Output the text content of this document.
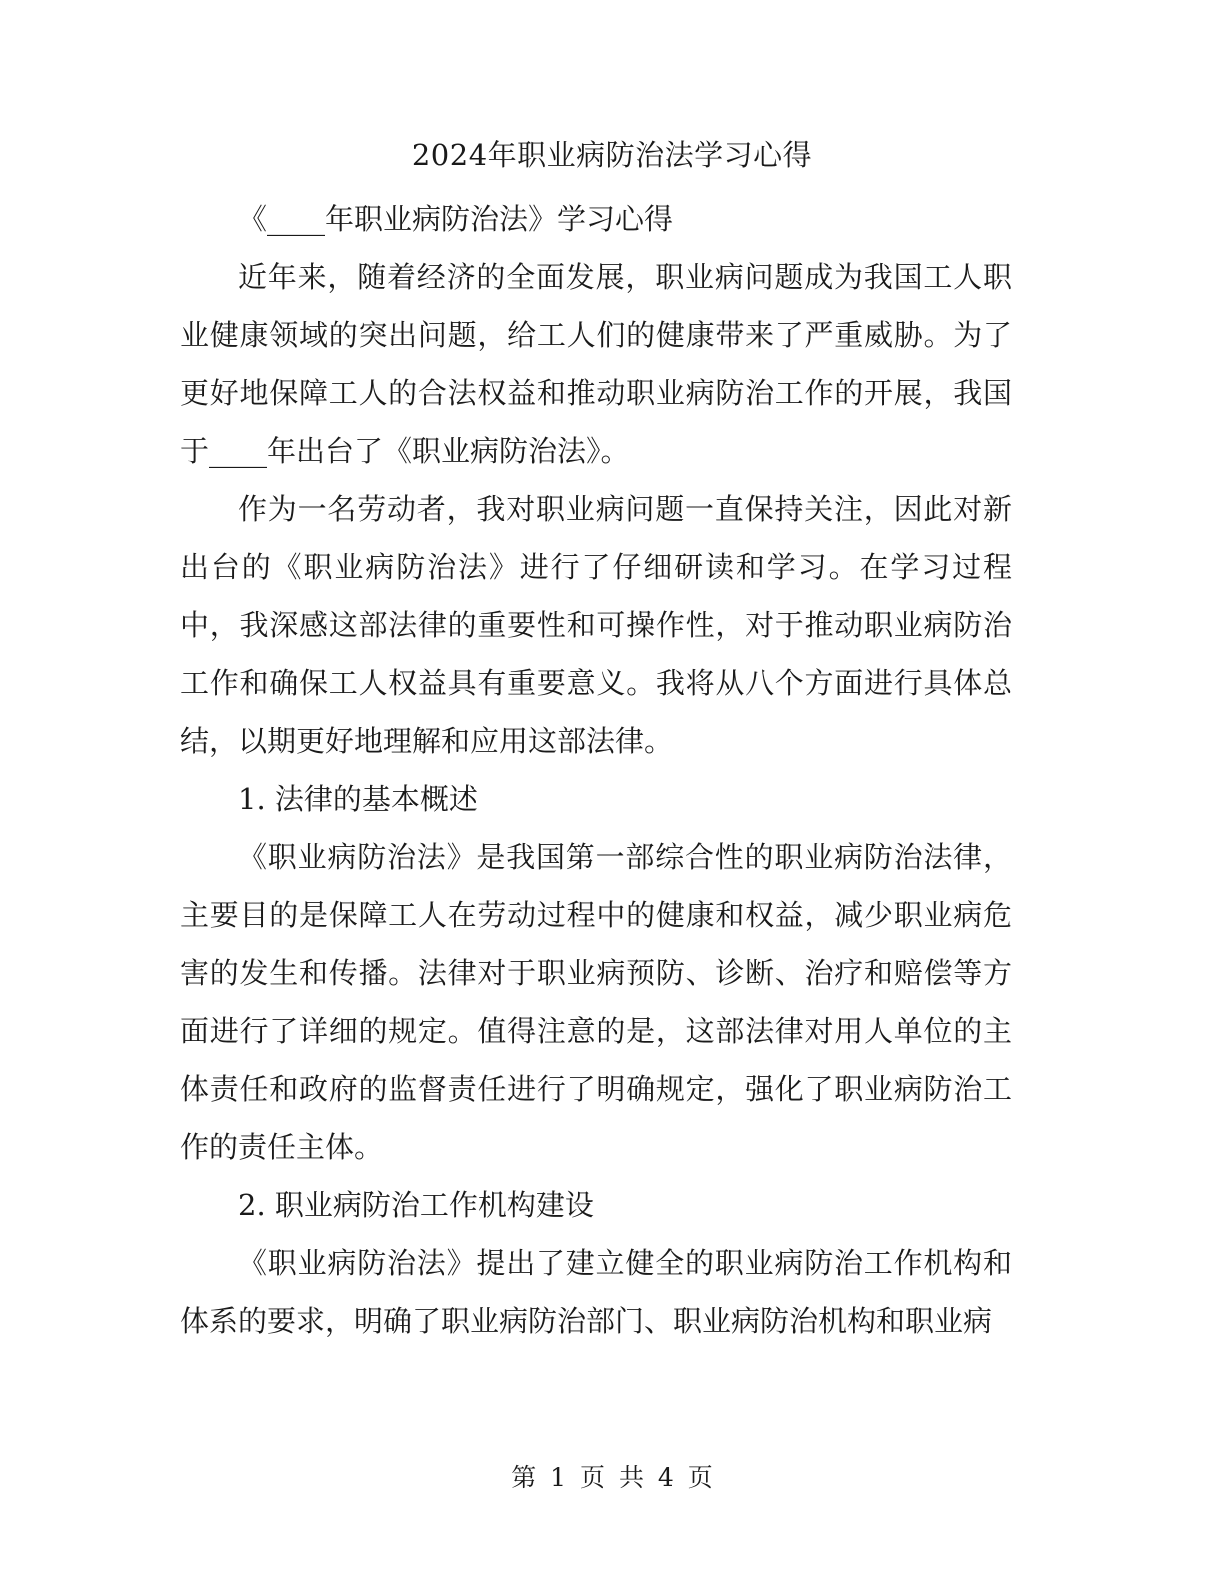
2024年职业病防治法学习心得

《____年职业病防治法》学习心得

近年来，随着经济的全面发展，职业病问题成为我国工人职业健康领域的突出问题，给工人们的健康带来了严重威胁。为了更好地保障工人的合法权益和推动职业病防治工作的开展，我国于____年出台了《职业病防治法》。

作为一名劳动者，我对职业病问题一直保持关注，因此对新出台的《职业病防治法》进行了仔细研读和学习。在学习过程中，我深感这部法律的重要性和可操作性，对于推动职业病防治工作和确保工人权益具有重要意义。我将从八个方面进行具体总结，以期更好地理解和应用这部法律。

1. 法律的基本概述

《职业病防治法》是我国第一部综合性的职业病防治法律，主要目的是保障工人在劳动过程中的健康和权益，减少职业病危害的发生和传播。法律对于职业病预防、诊断、治疗和赔偿等方面进行了详细的规定。值得注意的是，这部法律对用人单位的主体责任和政府的监督责任进行了明确规定，强化了职业病防治工作的责任主体。

2. 职业病防治工作机构建设

《职业病防治法》提出了建立健全的职业病防治工作机构和体系的要求，明确了职业病防治部门、职业病防治机构和职业病

第 1 页 共 4 页
